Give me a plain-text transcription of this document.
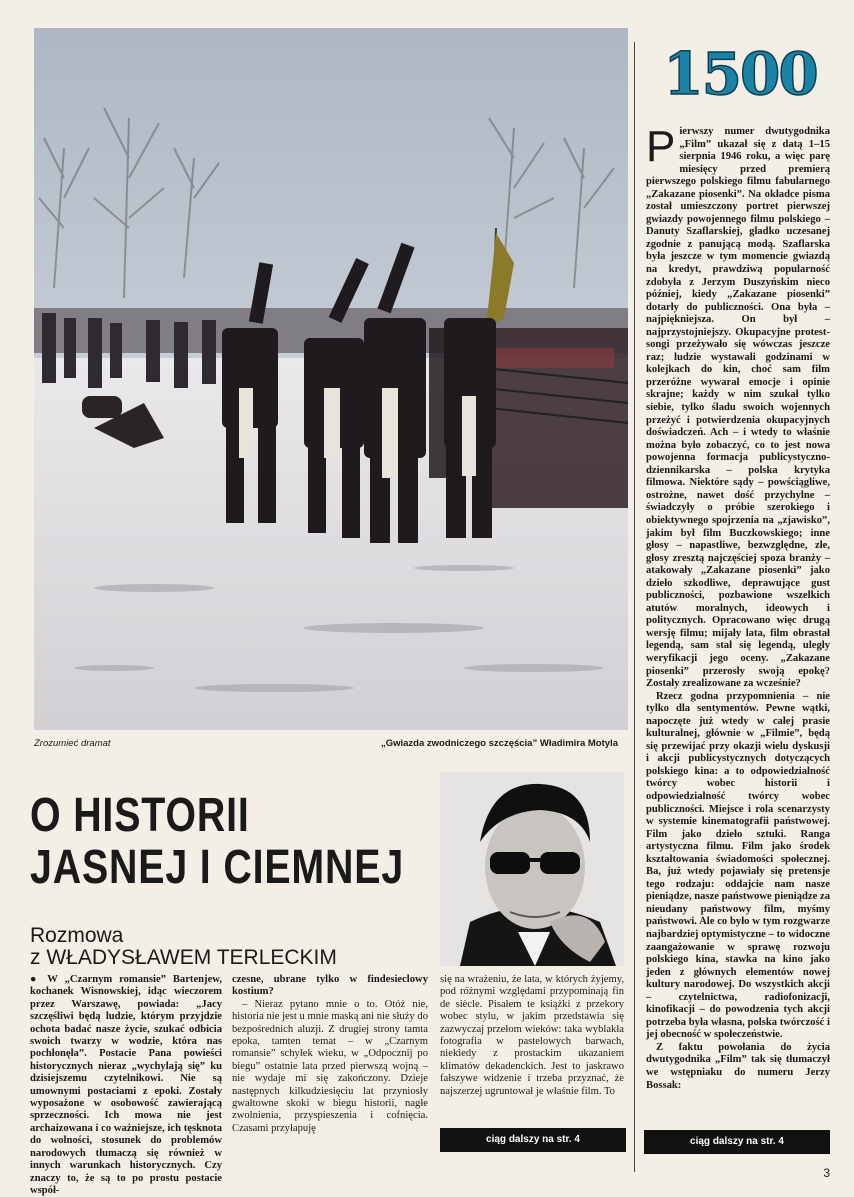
Zrozumieć dramat	„Gwiazda zwodniczego szczęścia” Władimira Motyla
O HISTORII
JASNEJ I CIEMNEJ
Rozmowa
z WŁADYSŁAWEM TERLECKIM

● W „Czarnym romansie” Bartenjew, kochanek Wisnowskiej, idąc wieczorem przez Warszawę, powiada: „Jacy szczęśliwi będą ludzie, którym przyjdzie ochota badać nasze życie, szukać odbicia swoich twarzy w wodzie, która nas pochłonęła”. Postacie Pana powieści historycznych nieraz „wychylają się” ku dzisiejszemu czytelnikowi. Nie są umownymi postaciami z epoki. Zostały wyposażone w osobowość zawierającą sprzeczności. Ich mowa nie jest archaizowana i co ważniejsze, ich tęsknota do wolności, stosunek do problemów narodowych tłumaczą się również w innych warunkach historycznych. Czy znaczy to, że są to po prostu postacie współ-

czesne, ubrane tylko w findesieclowy kostium?

– Nieraz pytano mnie o to. Otóż nie, historia nie jest u mnie maską ani nie służy do bezpośrednich aluzji. Z drugiej strony tamta epoka, tamten temat – w „Czarnym romansie” schyłek wieku, w „Odpocznij po biegu” ostatnie lata przed pierwszą wojną – nie wydaje mi się zakończony. Dzieje następnych kilkudziesięciu lat przyniosły gwałtowne skoki w biegu historii, nagłe zwolnienia, przyspieszenia i cofnięcia. Czasami przyłapuję

się na wrażeniu, że lata, w których żyjemy, pod różnymi względami przypominają fin de siècle. Pisałem te książki z przekory wobec stylu, w jakim przedstawia się zazwyczaj przełom wieków: taka wyblakła fotografia w pastelowych barwach, niekiedy z prostackim ukazaniem klimatów dekadenckich. Jest to jaskrawo fałszywe widzenie i trzeba przyznać, że najszerzej ugruntował je właśnie film. To

ciąg dalszy na str. 4
1500

Pierwszy numer dwutygodnika „Film” ukazał się z datą 1–15 sierpnia 1946 roku, a więc parę miesięcy przed premierą pierwszego polskiego filmu fabularnego „Zakazane piosenki”. Na okładce pisma został umieszczony portret pierwszej gwiazdy powojennego filmu polskiego – Danuty Szaflarskiej, gładko uczesanej zgodnie z panującą modą. Szaflarska była jeszcze w tym momencie gwiazdą na kredyt, prawdziwą popularność zdobyła z Jerzym Duszyńskim nieco później, kiedy „Zakazane piosenki” dotarły do publiczności. Ona była – najpiękniejsza. On był – najprzystojniejszy. Okupacyjne protest-songi przeżywało się wówczas jeszcze raz; ludzie wystawali godzinami w kolejkach do kin, choć sam film przeróżne wywarał emocje i opinie skrajne; każdy w nim szukał tylko siebie, tylko śladu swoich wojennych przeżyć i potwierdzenia okupacyjnych doświadczeń. Ach – i wtedy to właśnie można było zobaczyć, co to jest nowa powojenna formacja publicystyczno-dziennikarska – polska krytyka filmowa. Niektóre sądy – powściągliwe, ostrożne, nawet dość przychylne – świadczyły o próbie szerokiego i obiektywnego spojrzenia na „zjawisko”, jakim był film Buczkowskiego; inne głosy – napastliwe, bezwzględne, złe, głosy zresztą najczęściej spoza branży – atakowały „Zakazane piosenki” jako dzieło szkodliwe, deprawujące gust publiczności, pozbawione wszelkich atutów moralnych, ideowych i politycznych. Opracowano więc drugą wersję filmu; mijały lata, film obrastał legendą, sam stał się legendą, uległy weryfikacji jego oceny. „Zakazane piosenki” przerosły swoją epokę? Zostały zrealizowane za wcześnie?

Rzecz godna przypomnienia – nie tylko dla sentymentów. Pewne wątki, napoczęte już wtedy w całej prasie kulturalnej, głównie w „Filmie”, będą się przewijać przy okazji wielu dyskusji i akcji publicystycznych dotyczących polskiego kina: a to odpowiedzialność twórcy wobec historii i odpowiedzialność twórcy wobec publiczności. Miejsce i rola scenarzysty w systemie kinematografii państwowej. Film jako dzieło sztuki. Ranga artystyczna filmu. Film jako środek kształtowania świadomości społecznej. Ba, już wtedy pojawiały się pretensje tego rodzaju: oddajcie nam nasze pieniądze, nasze państwowe pieniądze za nieudany państwowy film, myśmy państwowi. Ale co było w tym rozgwarze najbardziej optymistyczne – to widoczne zaangażowanie w sprawę rozwoju polskiego kina, stawka na kino jako jeden z głównych elementów nowej kultury narodowej. Do wszystkich akcji – czytelnictwa, radiofonizacji, kinofikacji – do powodzenia tych akcji potrzeba była własna, polska twórczość i jej obecność w społeczeństwie.

Z faktu powołania do życia dwutygodnika „Film” tak się tłumaczył we wstępniaku do numeru Jerzy Bossak:

ciąg dalszy na str. 4
3
